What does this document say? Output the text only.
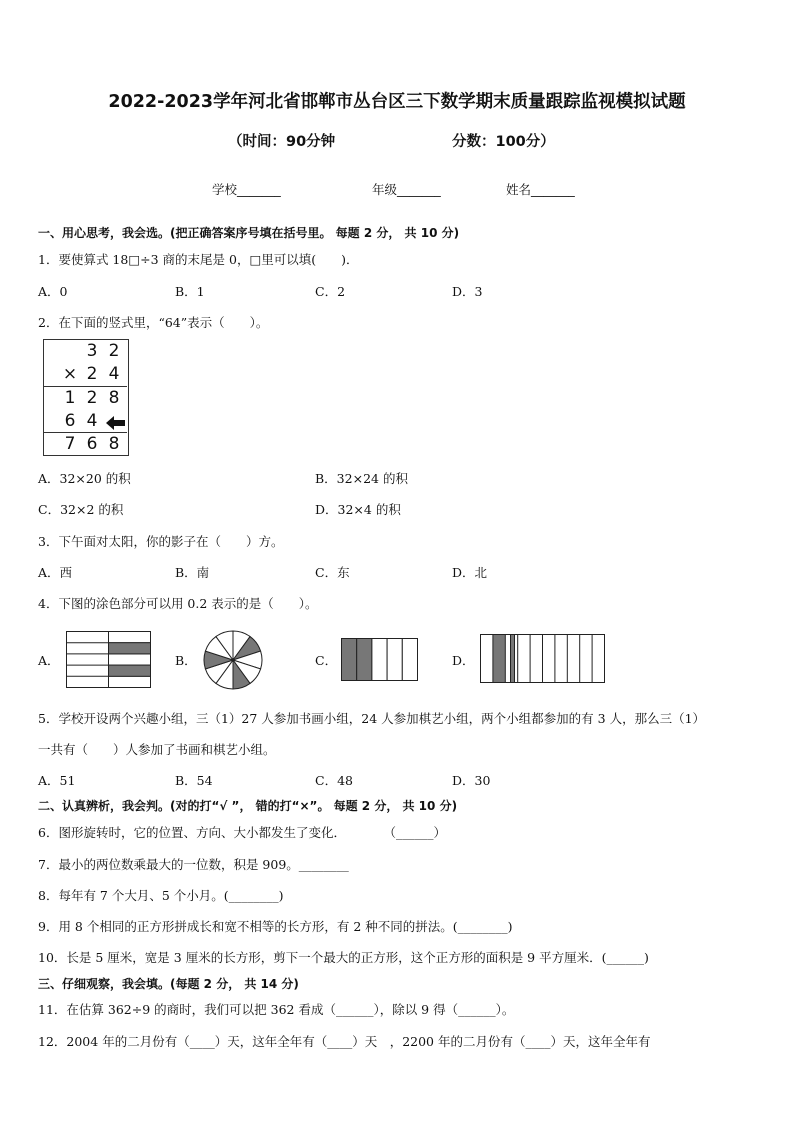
2022-2023学年河北省邯郸市丛台区三下数学期末质量跟踪监视模拟试题
（时间：90分钟	分数：100分）
学校_______	年级_______	姓名_______
一、用心思考，我会选。(把正确答案序号填在括号里。 每题 2 分， 共 10 分)
1．要使算式 18□÷3 商的末尾是 0，□里可以填(　　)．
A．0	B．1	C．2	D．3
2．在下面的竖式里，“64”表示（　　）。
3 2
× 2 4
1 2 8
6 4
7 6 8
A．32×20 的积	B．32×24 的积
C．32×2 的积	D．32×4 的积
3．下午面对太阳，你的影子在（　　）方。
A．西	B．南	C．东	D．北
4．下图的涂色部分可以用 0.2 表示的是（　　）。
A．	B．	C．	D．
5．学校开设两个兴趣小组，三（1）27 人参加书画小组，24 人参加棋艺小组，两个小组都参加的有 3 人，那么三（1）
一共有（　　）人参加了书画和棋艺小组。
A．51	B．54	C．48	D．30
二、认真辨析，我会判。(对的打“√ ”， 错的打“×”。 每题 2 分， 共 10 分)
6．图形旋转时，它的位置、方向、大小都发生了变化．　　　　（______）
7．最小的两位数乘最大的一位数，积是 909。________
8．每年有 7 个大月、5 个小月。(________)
9．用 8 个相同的正方形拼成长和宽不相等的长方形，有 2 种不同的拼法。(________)
10．长是 5 厘米，宽是 3 厘米的长方形，剪下一个最大的正方形，这个正方形的面积是 9 平方厘米．(______)
三、仔细观察，我会填。(每题 2 分， 共 14 分)
11．在估算 362÷9 的商时，我们可以把 362 看成（______），除以 9 得（______）。
12．2004 年的二月份有（____）天，这年全年有（____）天　，2200 年的二月份有（____）天，这年全年有
